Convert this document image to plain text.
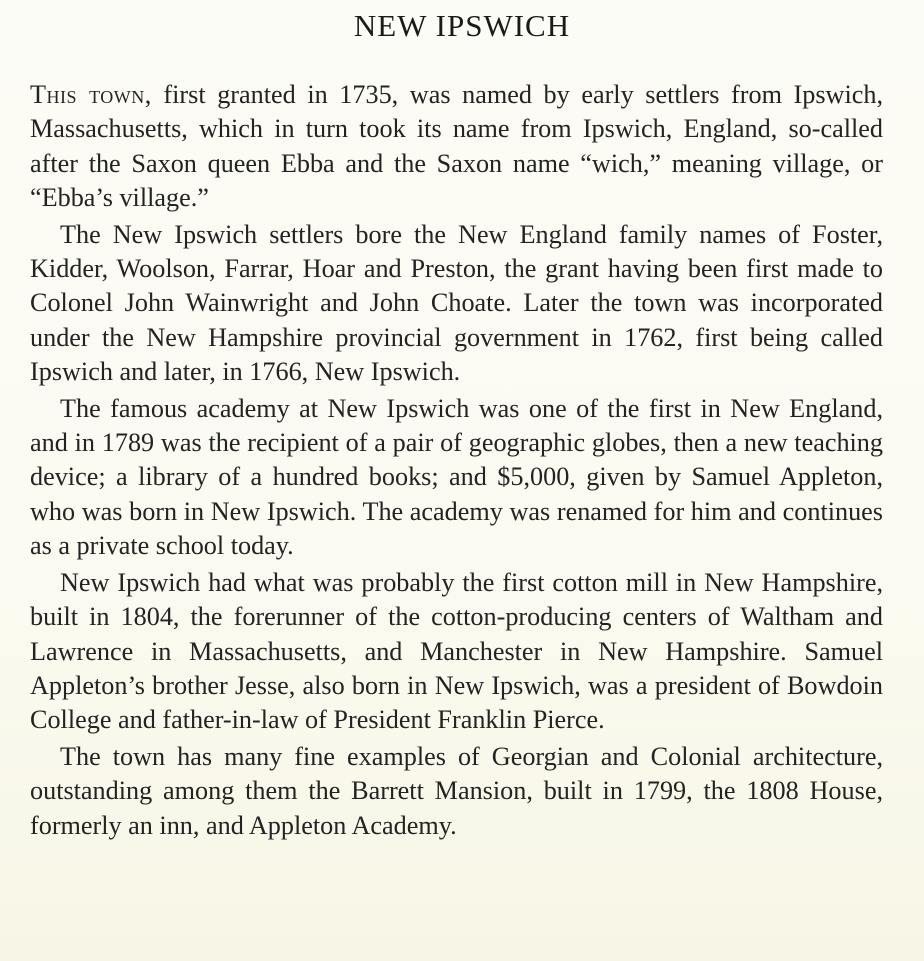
NEW IPSWICH

This town, first granted in 1735, was named by early settlers from Ipswich, Massachusetts, which in turn took its name from Ipswich, England, so-called after the Saxon queen Ebba and the Saxon name “wich,” meaning village, or “Ebba’s village.”

The New Ipswich settlers bore the New England family names of Foster, Kidder, Woolson, Farrar, Hoar and Preston, the grant having been first made to Colonel John Wainwright and John Choate. Later the town was incorporated under the New Hampshire provincial government in 1762, first being called Ipswich and later, in 1766, New Ipswich.

The famous academy at New Ipswich was one of the first in New England, and in 1789 was the recipient of a pair of geographic globes, then a new teaching device; a library of a hundred books; and $5,000, given by Samuel Appleton, who was born in New Ipswich. The academy was renamed for him and continues as a private school today.

New Ipswich had what was probably the first cotton mill in New Hampshire, built in 1804, the forerunner of the cotton-producing centers of Waltham and Lawrence in Massachusetts, and Manchester in New Hampshire. Samuel Appleton’s brother Jesse, also born in New Ipswich, was a president of Bowdoin College and father-in-law of President Franklin Pierce.

The town has many fine examples of Georgian and Colonial architecture, outstanding among them the Barrett Mansion, built in 1799, the 1808 House, formerly an inn, and Appleton Academy.
